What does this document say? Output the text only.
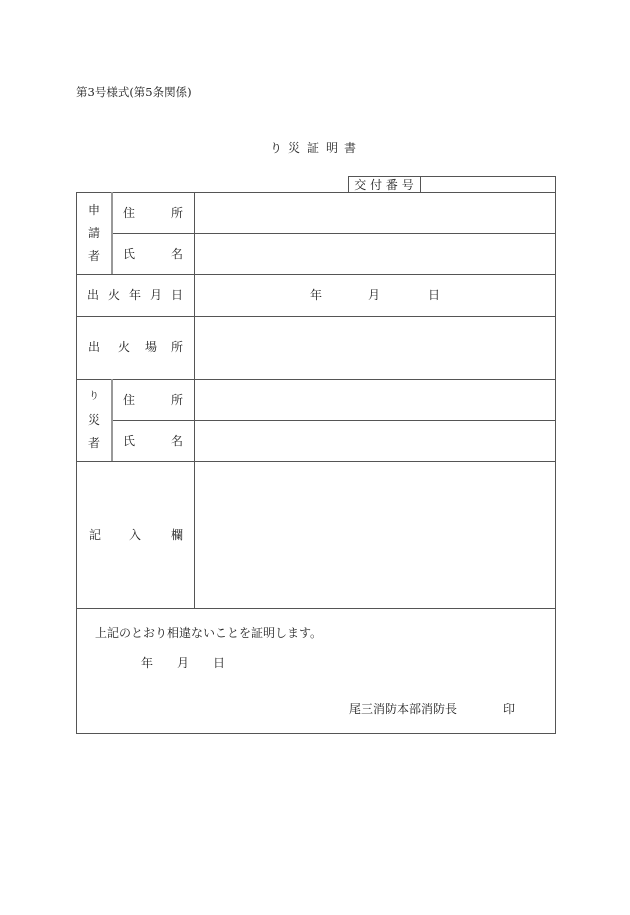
第3号様式(第5条関係)
り 災 証 明 書
交 付 番 号
申
請
者
住	所
氏	名
出 火 年 月 日	年	月	日
出 火 場 所
り
災
者
住	所
氏	名
記 入 欄
上記のとおり相違ないことを証明します。
年 月 日
尾三消防本部消防長	印
